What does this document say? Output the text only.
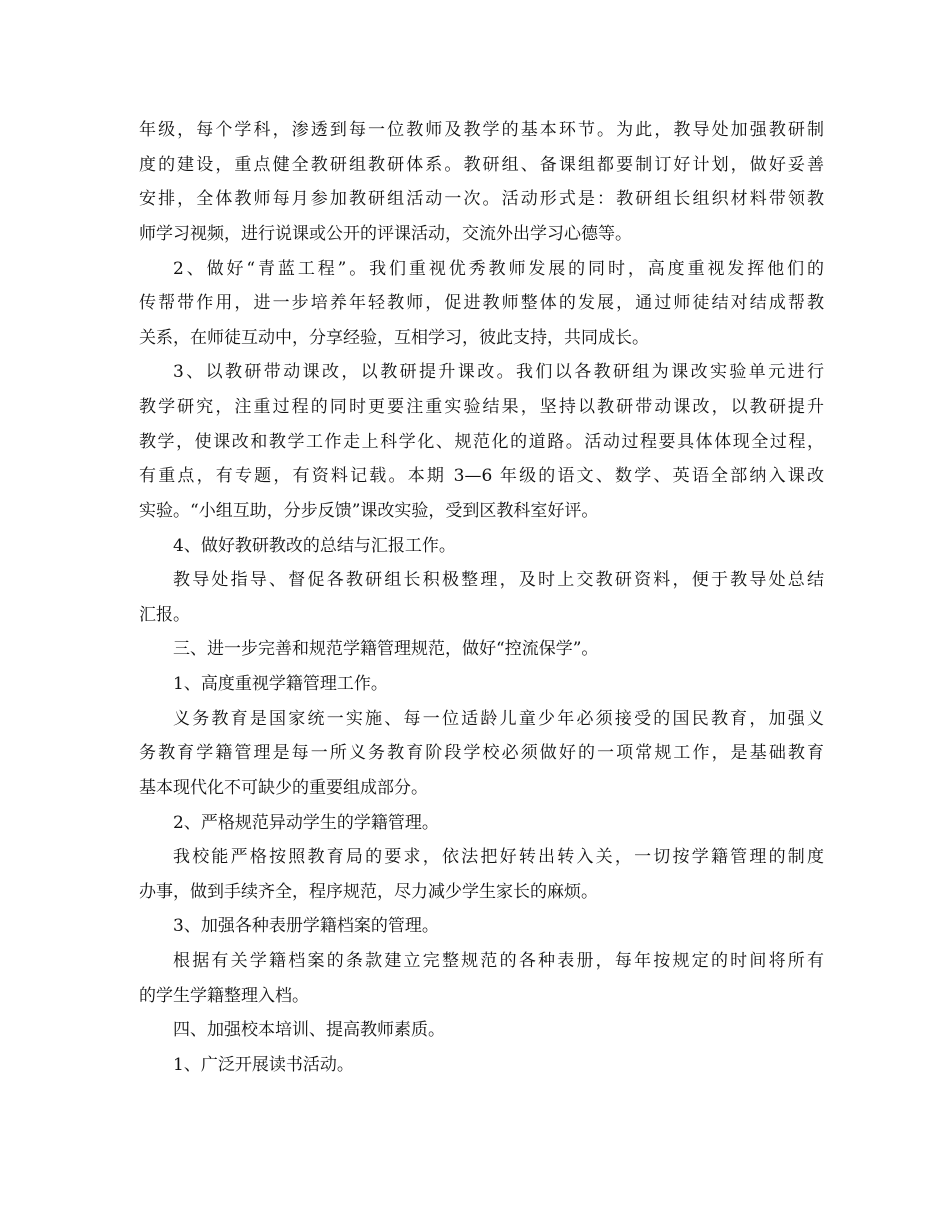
年级，每个学科，渗透到每一位教师及教学的基本环节。为此，教导处加强教研制
度的建设，重点健全教研组教研体系。教研组、备课组都要制订好计划，做好妥善
安排，全体教师每月参加教研组活动一次。活动形式是：教研组长组织材料带领教
师学习视频，进行说课或公开的评课活动，交流外出学习心德等。
2、做好“青蓝工程”。我们重视优秀教师发展的同时，高度重视发挥他们的
传帮带作用，进一步培养年轻教师，促进教师整体的发展，通过师徒结对结成帮教
关系，在师徒互动中，分享经验，互相学习，彼此支持，共同成长。
3、以教研带动课改，以教研提升课改。我们以各教研组为课改实验单元进行
教学研究，注重过程的同时更要注重实验结果，坚持以教研带动课改，以教研提升
教学，使课改和教学工作走上科学化、规范化的道路。活动过程要具体体现全过程，
有重点，有专题，有资料记载。本期 3—6 年级的语文、数学、英语全部纳入课改
实验。“小组互助，分步反馈”课改实验，受到区教科室好评。
4、做好教研教改的总结与汇报工作。
教导处指导、督促各教研组长积极整理，及时上交教研资料，便于教导处总结
汇报。
三、进一步完善和规范学籍管理规范，做好“控流保学”。
1、高度重视学籍管理工作。
义务教育是国家统一实施、每一位适龄儿童少年必须接受的国民教育，加强义
务教育学籍管理是每一所义务教育阶段学校必须做好的一项常规工作，是基础教育
基本现代化不可缺少的重要组成部分。
2、严格规范异动学生的学籍管理。
我校能严格按照教育局的要求，依法把好转出转入关，一切按学籍管理的制度
办事，做到手续齐全，程序规范，尽力减少学生家长的麻烦。
3、加强各种表册学籍档案的管理。
根据有关学籍档案的条款建立完整规范的各种表册，每年按规定的时间将所有
的学生学籍整理入档。
四、加强校本培训、提高教师素质。
1、广泛开展读书活动。
